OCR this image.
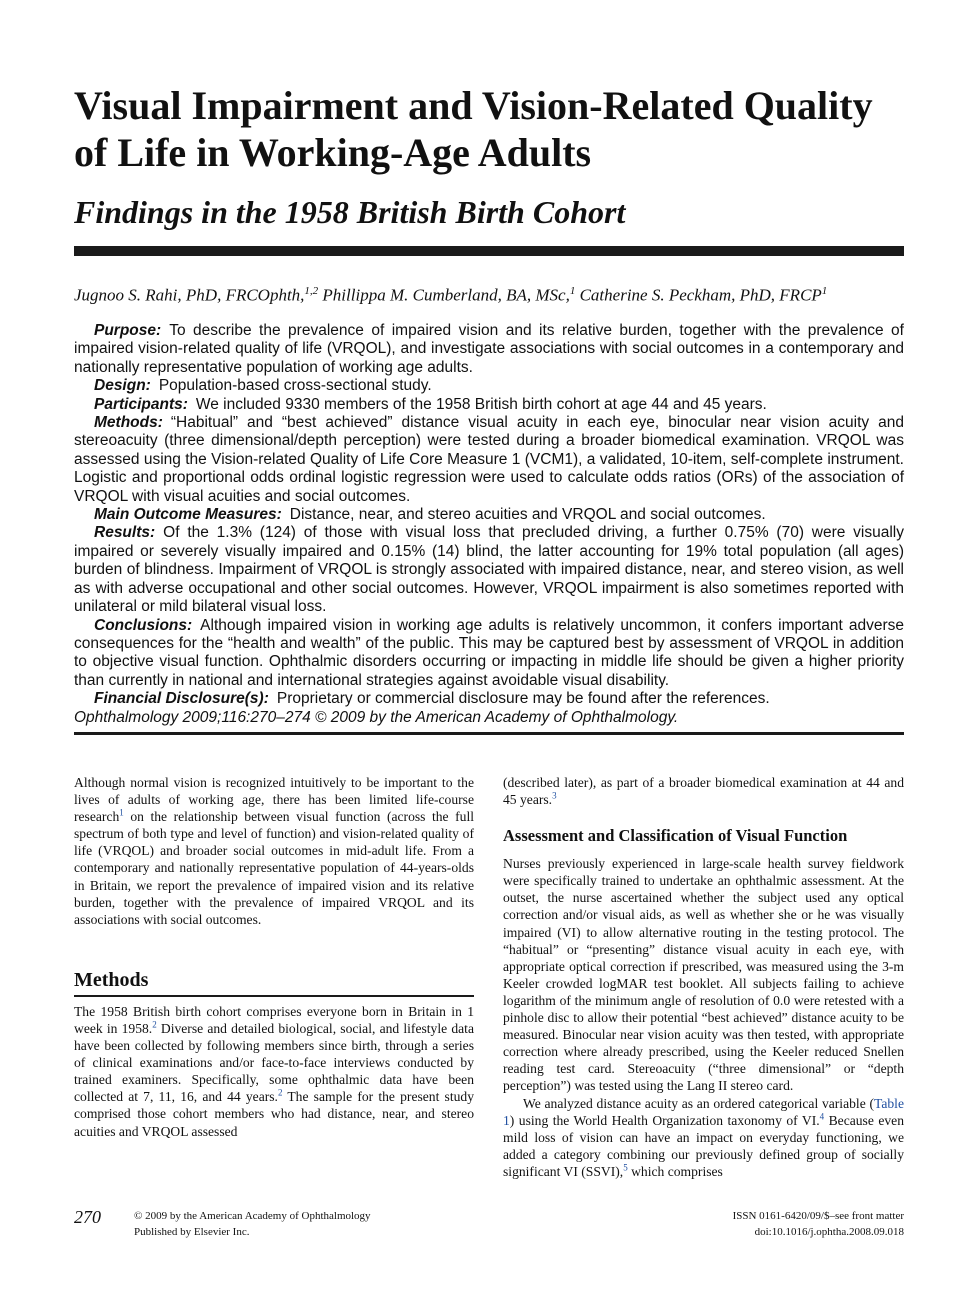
Visual Impairment and Vision-Related Quality of Life in Working-Age Adults
Findings in the 1958 British Birth Cohort
Jugnoo S. Rahi, PhD, FRCOphth,$^{1,2}$ Phillippa M. Cumberland, BA, MSc,$^1$ Catherine S. Peckham, PhD, FRCP$^1$

Purpose: To describe the prevalence of impaired vision and its relative burden, together with the prevalence of impaired vision-related quality of life (VRQOL), and investigate associations with social outcomes in a contemporary and nationally representative population of working age adults.

Design: Population-based cross-sectional study.

Participants: We included 9330 members of the 1958 British birth cohort at age 44 and 45 years.

Methods: “Habitual” and “best achieved” distance visual acuity in each eye, binocular near vision acuity and stereoacuity (three dimensional/depth perception) were tested during a broader biomedical examination. VRQOL was assessed using the Vision-related Quality of Life Core Measure 1 (VCM1), a validated, 10-item, self-complete instrument. Logistic and proportional odds ordinal logistic regression were used to calculate odds ratios (ORs) of the association of VRQOL with visual acuities and social outcomes.

Main Outcome Measures: Distance, near, and stereo acuities and VRQOL and social outcomes.

Results: Of the 1.3% (124) of those with visual loss that precluded driving, a further 0.75% (70) were visually impaired or severely visually impaired and 0.15% (14) blind, the latter accounting for 19% total population (all ages) burden of blindness. Impairment of VRQOL is strongly associated with impaired distance, near, and stereo vision, as well as with adverse occupational and other social outcomes. However, VRQOL impairment is also sometimes reported with unilateral or mild bilateral visual loss.

Conclusions: Although impaired vision in working age adults is relatively uncommon, it confers important adverse consequences for the “health and wealth” of the public. This may be captured best by assessment of VRQOL in addition to objective visual function. Ophthalmic disorders occurring or impacting in middle life should be given a higher priority than currently in national and international strategies against avoidable visual disability.

Financial Disclosure(s): Proprietary or commercial disclosure may be found after the references.

Ophthalmology 2009;116:270–274 © 2009 by the American Academy of Ophthalmology.

Although normal vision is recognized intuitively to be important to the lives of adults of working age, there has been limited life-course research$^1$ on the relationship between visual function (across the full spectrum of both type and level of function) and vision-related quality of life (VRQOL) and broader social outcomes in mid-adult life. From a contemporary and nationally representative population of 44-years-olds in Britain, we report the prevalence of impaired vision and its relative burden, together with the prevalence of impaired VRQOL and its associations with social outcomes.

Methods

The 1958 British birth cohort comprises everyone born in Britain in 1 week in 1958.$^2$ Diverse and detailed biological, social, and lifestyle data have been collected by following members since birth, through a series of clinical examinations and/or face-to-face interviews conducted by trained examiners. Specifically, some ophthalmic data have been collected at 7, 11, 16, and 44 years.$^2$ The sample for the present study comprised those cohort members who had distance, near, and stereo acuities and VRQOL assessed

(described later), as part of a broader biomedical examination at 44 and 45 years.$^3$

Assessment and Classification of Visual Function

Nurses previously experienced in large-scale health survey fieldwork were specifically trained to undertake an ophthalmic assessment. At the outset, the nurse ascertained whether the subject used any optical correction and/or visual aids, as well as whether she or he was visually impaired (VI) to allow alternative routing in the testing protocol. The “habitual” or “presenting” distance visual acuity in each eye, with appropriate optical correction if prescribed, was measured using the 3-m Keeler crowded logMAR test booklet. All subjects failing to achieve logarithm of the minimum angle of resolution of 0.0 were retested with a pinhole disc to allow their potential “best achieved” distance acuity to be measured. Binocular near vision acuity was then tested, with appropriate correction where already prescribed, using the Keeler reduced Snellen reading test card. Stereoacuity (“three dimensional” or “depth perception”) was tested using the Lang II stereo card.

We analyzed distance acuity as an ordered categorical variable (Table 1) using the World Health Organization taxonomy of VI.$^4$ Because even mild loss of vision can have an impact on everyday functioning, we added a category combining our previously defined group of socially significant VI (SSVI),$^5$ which comprises

270	© 2009 by the American Academy of Ophthalmology
Published by Elsevier Inc.
ISSN 0161-6420/09/$–see front matter
doi:10.1016/j.ophtha.2008.09.018
